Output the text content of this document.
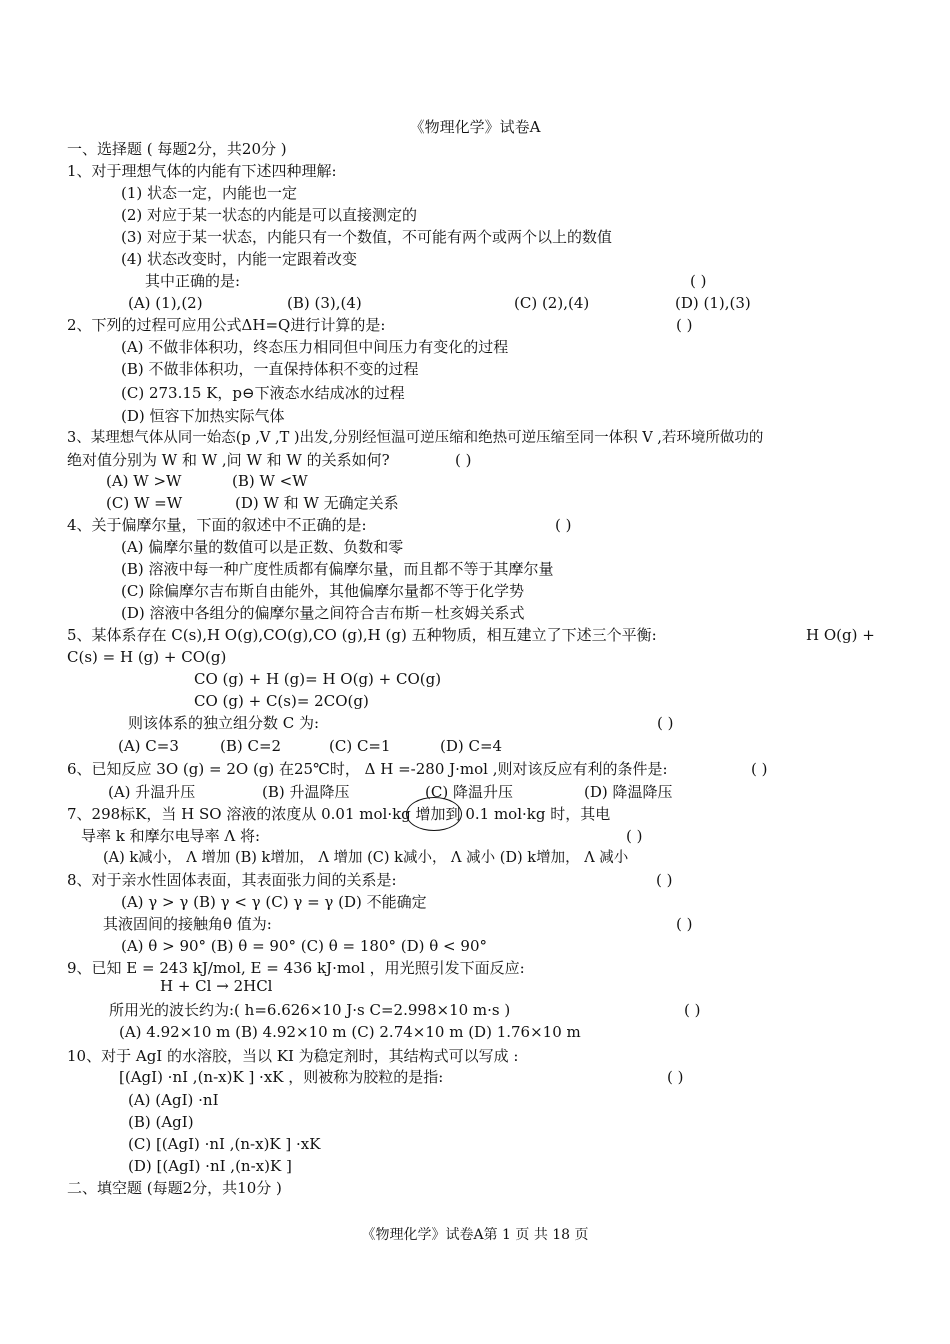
《物理化学》试卷A
一、选择题 ( 每题2分，共20分 )
1、对于理想气体的内能有下述四种理解:
(1) 状态一定，内能也一定
(2) 对应于某一状态的内能是可以直接测定的
(3) 对应于某一状态，内能只有一个数值，不可能有两个或两个以上的数值
(4) 状态改变时，内能一定跟着改变
其中正确的是:	( )
(A) (1),(2)	(B) (3),(4)	(C) (2),(4)	(D) (1),(3)
2、下列的过程可应用公式ΔH=Q进行计算的是:	( )
(A) 不做非体积功，终态压力相同但中间压力有变化的过程
(B) 不做非体积功，一直保持体积不变的过程
(C) 273.15 K，p⊖下液态水结成冰的过程
(D) 恒容下加热实际气体
3、某理想气体从同一始态(p ,V ,T )出发,分别经恒温可逆压缩和绝热可逆压缩至同一体积 V ,若环境所做功的
绝对值分别为 W 和 W ,问 W 和 W 的关系如何?	( )
(A) W >W	(B) W <W
(C) W =W	(D) W 和 W 无确定关系
4、关于偏摩尔量，下面的叙述中不正确的是:	( )
(A) 偏摩尔量的数值可以是正数、负数和零
(B) 溶液中每一种广度性质都有偏摩尔量，而且都不等于其摩尔量
(C) 除偏摩尔吉布斯自由能外，其他偏摩尔量都不等于化学势
(D) 溶液中各组分的偏摩尔量之间符合吉布斯－杜亥姆关系式
5、某体系存在 C(s),H O(g),CO(g),CO (g),H (g) 五种物质，相互建立了下述三个平衡:	H O(g) +
C(s) = H (g) + CO(g)
CO (g) + H (g)= H O(g) + CO(g)
CO (g) + C(s)= 2CO(g)
则该体系的独立组分数 C 为:	( )
(A) C=3	(B) C=2	(C) C=1	(D) C=4
6、已知反应 3O (g) = 2O (g) 在25℃时， Δ H =-280 J·mol ,则对该反应有利的条件是:	( )
(A) 升温升压	(B) 升温降压	(C) 降温升压	(D) 降温降压
7、298标K，当 H SO 溶液的浓度从 0.01 mol·kg 增加到 0.1 mol·kg 时，其电
导率 k 和摩尔电导率 Λ 将:	( )
(A) k减小， Λ 增加 (B) k增加， Λ 增加 (C) k减小， Λ 减小 (D) k增加， Λ 减小
8、对于亲水性固体表面，其表面张力间的关系是:	( )
(A) γ > γ (B) γ < γ (C) γ = γ (D) 不能确定
其液固间的接触角θ 值为:	( )
(A) θ > 90° (B) θ = 90° (C) θ = 180° (D) θ < 90°
9、已知 E = 243 kJ/mol, E = 436 kJ·mol ，用光照引发下面反应:
H + Cl → 2HCl
所用光的波长约为:( h=6.626×10 J·s C=2.998×10 m·s )	( )
(A) 4.92×10 m (B) 4.92×10 m (C) 2.74×10 m (D) 1.76×10 m
10、对于 AgI 的水溶胶，当以 KI 为稳定剂时，其结构式可以写成 :
[(AgI) ·nI ,(n-x)K ] ·xK ，则被称为胶粒的是指:	( )
(A) (AgI) ·nI
(B) (AgI)
(C) [(AgI) ·nI ,(n-x)K ] ·xK
(D) [(AgI) ·nI ,(n-x)K ]
二、填空题 (每题2分，共10分 )
《物理化学》试卷A第 1 页 共 18 页
